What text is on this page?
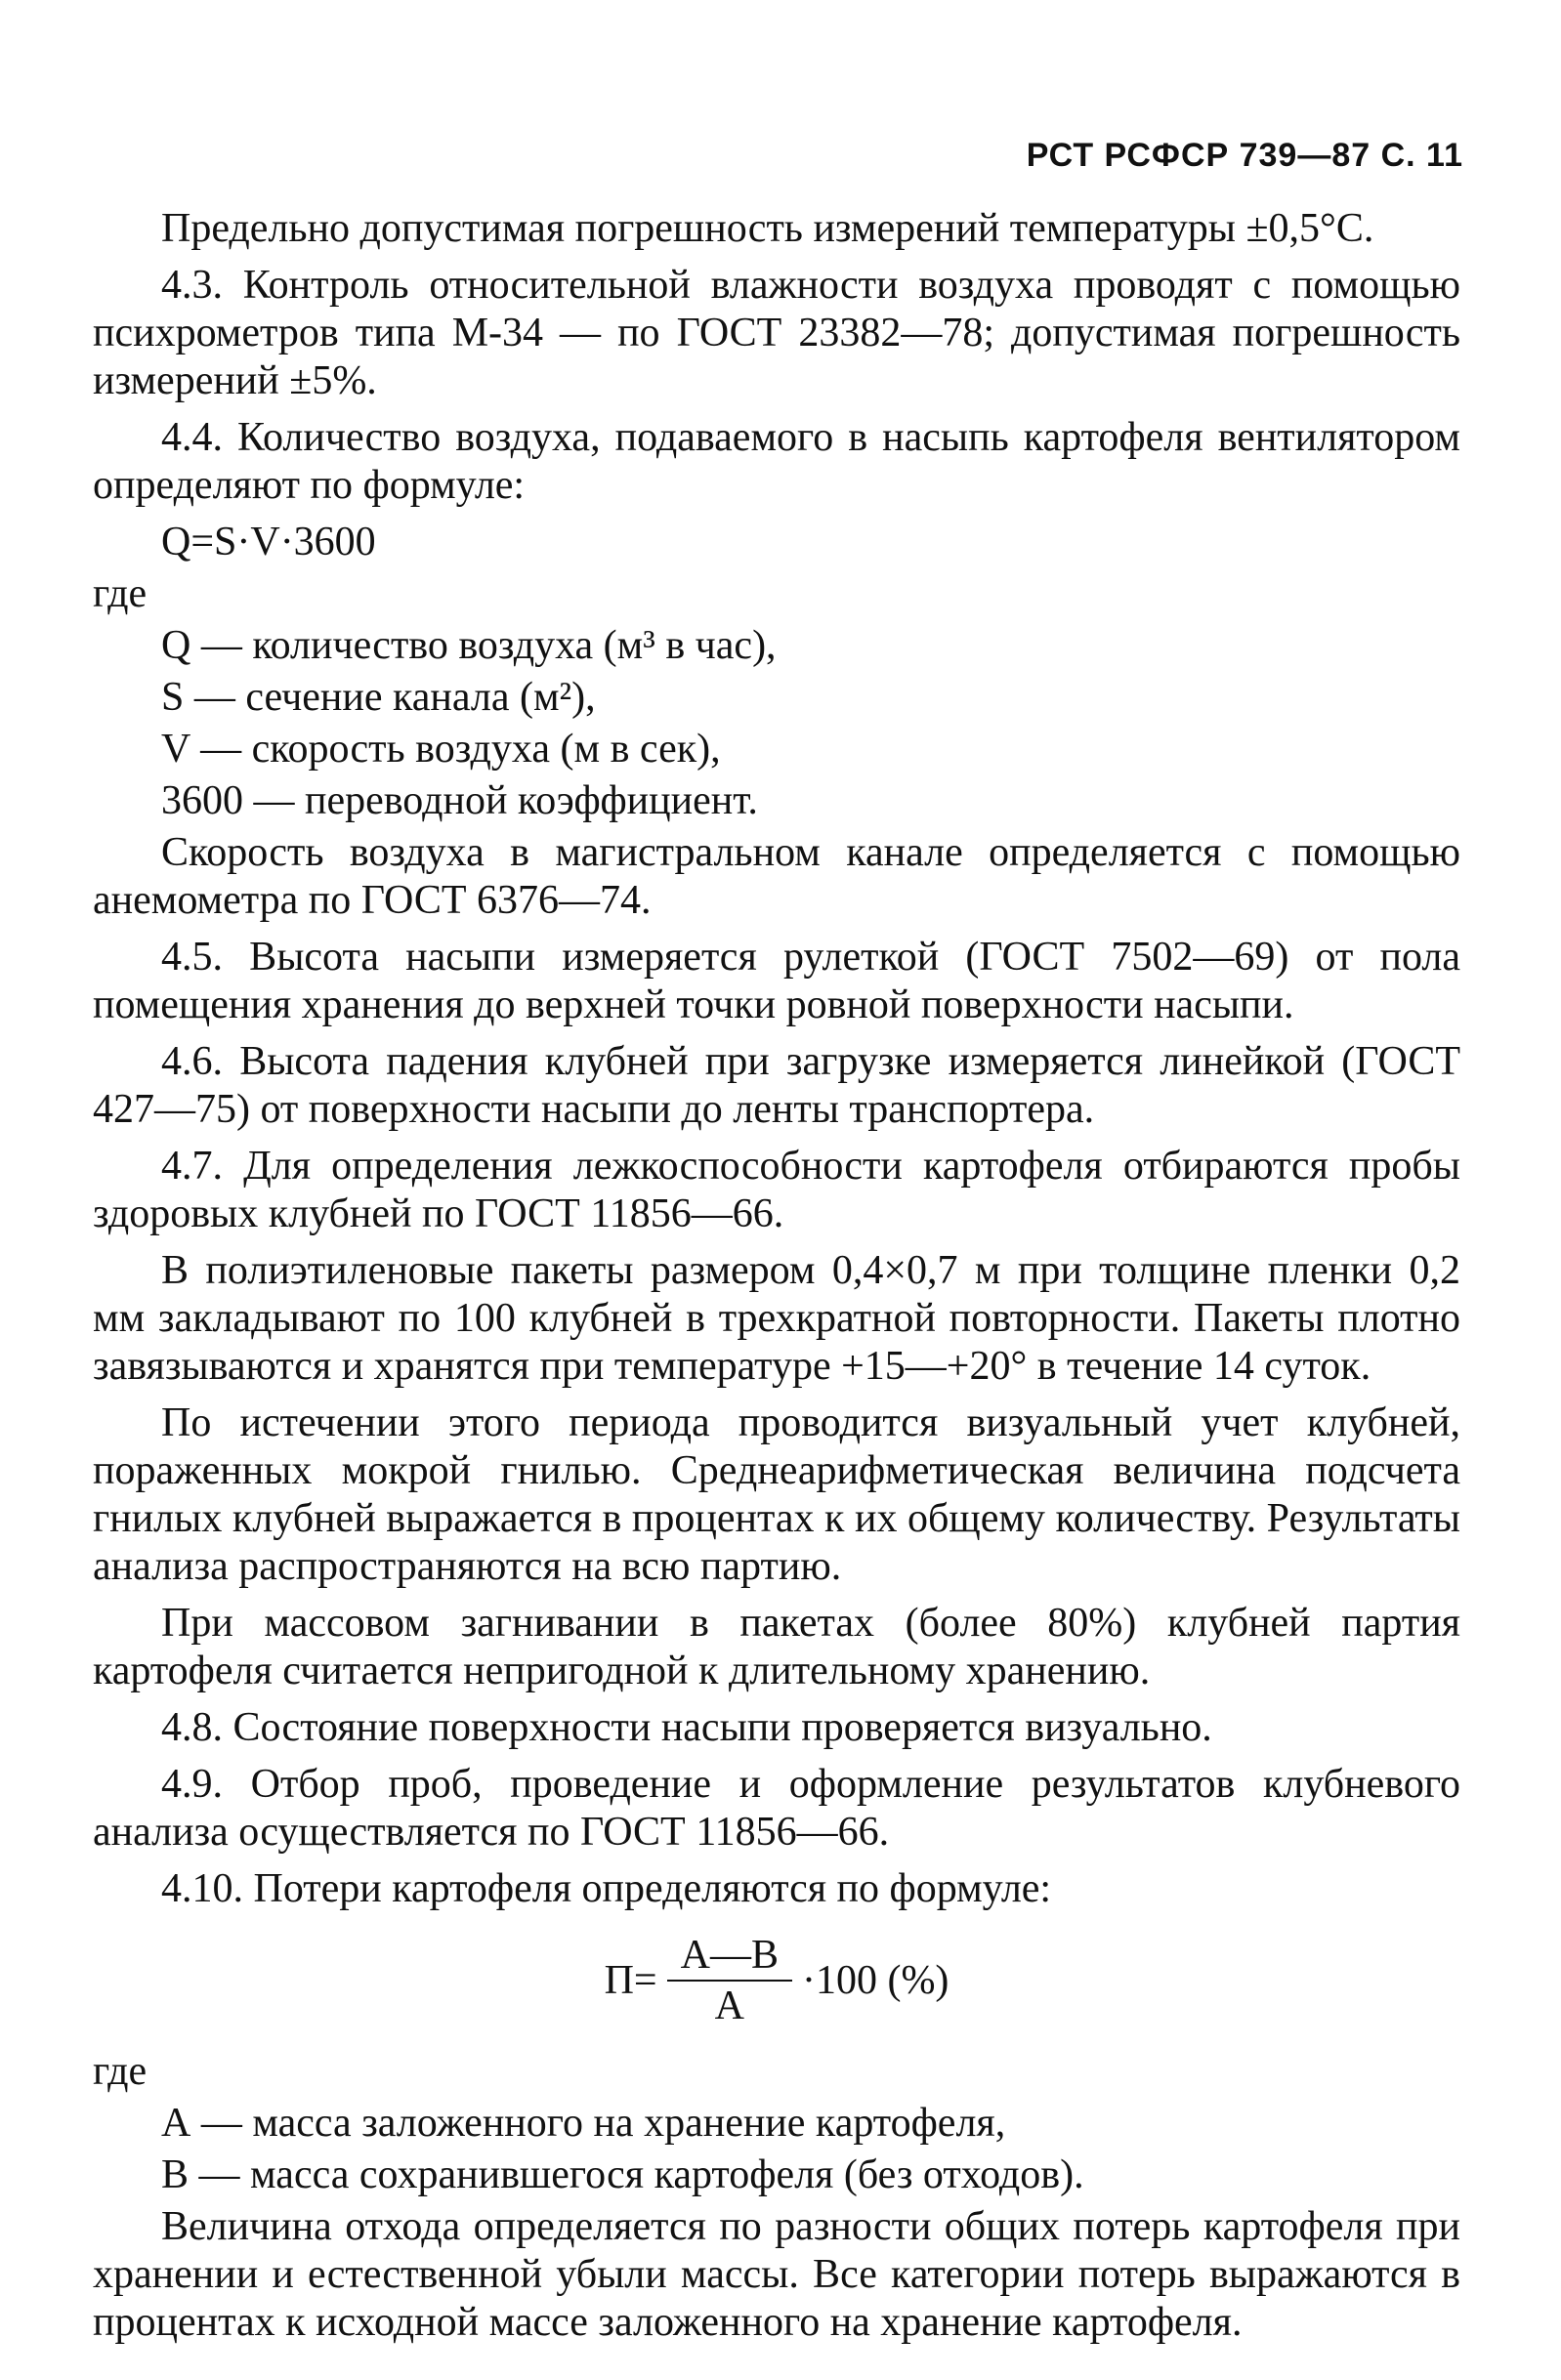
РСТ РСФСР 739—87 С. 11

Предельно допустимая погрешность измерений температуры ±0,5°С.

4.3. Контроль относительной влажности воздуха проводят с помощью психрометров типа М-34 — по ГОСТ 23382—78; допустимая погрешность измерений ±5%.

4.4. Количество воздуха, подаваемого в насыпь картофеля вентилятором определяют по формуле:

Q=S·V·3600

где

Q — количество воздуха (м³ в час),

S — сечение канала (м²),

V — скорость воздуха (м в сек),

3600 — переводной коэффициент.

Скорость воздуха в магистральном канале определяется с помощью анемометра по ГОСТ 6376—74.

4.5. Высота насыпи измеряется рулеткой (ГОСТ 7502—69) от пола помещения хранения до верхней точки ровной поверхности насыпи.

4.6. Высота падения клубней при загрузке измеряется линейкой (ГОСТ 427—75) от поверхности насыпи до ленты транспортера.

4.7. Для определения лежкоспособности картофеля отбираются пробы здоровых клубней по ГОСТ 11856—66.

В полиэтиленовые пакеты размером 0,4×0,7 м при толщине пленки 0,2 мм закладывают по 100 клубней в трехкратной повторности. Пакеты плотно завязываются и хранятся при температуре +15—+20° в течение 14 суток.

По истечении этого периода проводится визуальный учет клубней, пораженных мокрой гнилью. Среднеарифметическая величина подсчета гнилых клубней выражается в процентах к их общему количеству. Результаты анализа распространяются на всю партию.

При массовом загнивании в пакетах (более 80%) клубней партия картофеля считается непригодной к длительному хранению.

4.8. Состояние поверхности насыпи проверяется визуально.

4.9. Отбор проб, проведение и оформление результатов клубневого анализа осуществляется по ГОСТ 11856—66.

4.10. Потери картофеля определяются по формуле:

$П= \frac{А—В}{А} \cdot 100$ (%)

где

А — масса заложенного на хранение картофеля,

В — масса сохранившегося картофеля (без отходов).

Величина отхода определяется по разности общих потерь картофеля при хранении и естественной убыли массы. Все категории потерь выражаются в процентах к исходной массе заложенного на хранение картофеля.
